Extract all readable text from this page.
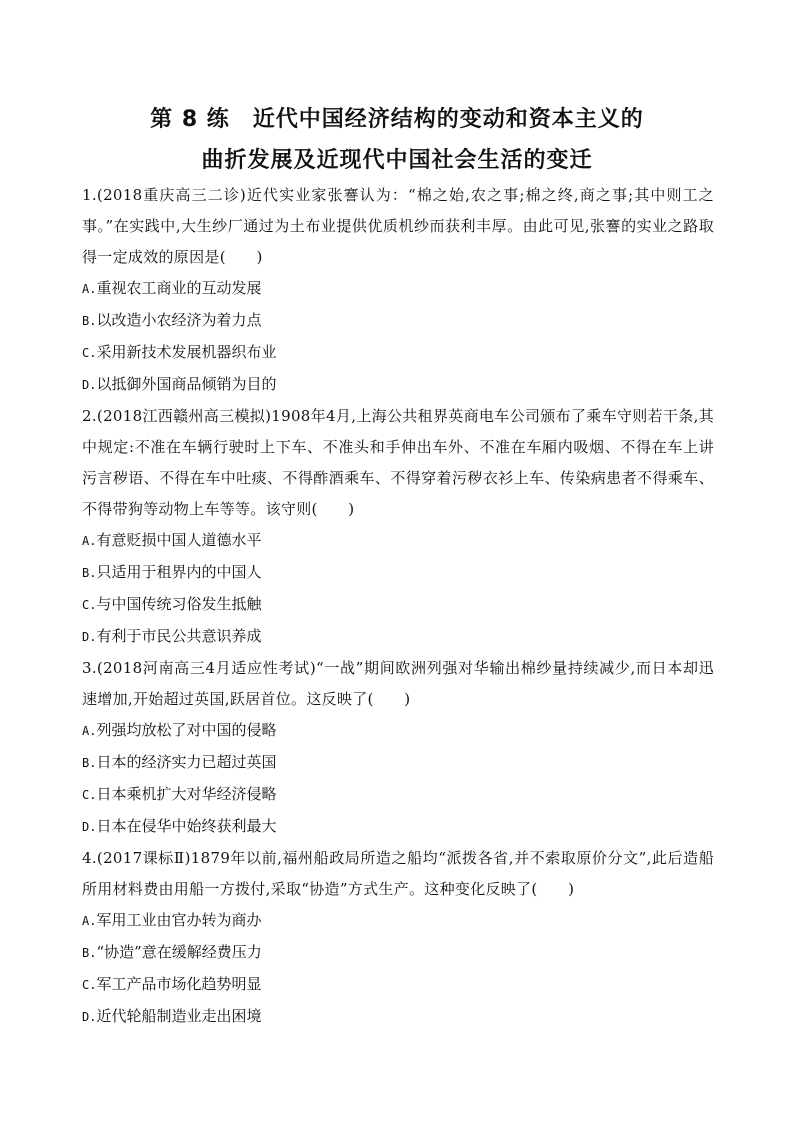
第 8 练　近代中国经济结构的变动和资本主义的
曲折发展及近现代中国社会生活的变迁

1.(2018重庆高三二诊)近代实业家张謇认为：“棉之始,农之事;棉之终,商之事;其中则工之事。”在实践中,大生纱厂通过为土布业提供优质机纱而获利丰厚。由此可见,张謇的实业之路取得一定成效的原因是(　　)

A.重视农工商业的互动发展

B.以改造小农经济为着力点

C.采用新技术发展机器织布业

D.以抵御外国商品倾销为目的

2.(2018江西赣州高三模拟)1908年4月,上海公共租界英商电车公司颁布了乘车守则若干条,其中规定:不准在车辆行驶时上下车、不准头和手伸出车外、不准在车厢内吸烟、不得在车上讲污言秽语、不得在车中吐痰、不得酢酒乘车、不得穿着污秽衣衫上车、传染病患者不得乘车、不得带狗等动物上车等等。该守则(　　)

A.有意贬损中国人道德水平

B.只适用于租界内的中国人

C.与中国传统习俗发生抵触

D.有利于市民公共意识养成

3.(2018河南高三4月适应性考试)“一战”期间欧洲列强对华输出棉纱量持续减少,而日本却迅速增加,开始超过英国,跃居首位。这反映了(　　)

A.列强均放松了对中国的侵略

B.日本的经济实力已超过英国

C.日本乘机扩大对华经济侵略

D.日本在侵华中始终获利最大

4.(2017课标Ⅱ)1879年以前,福州船政局所造之船均“派拨各省,并不索取原价分文”,此后造船所用材料费由用船一方拨付,采取“协造”方式生产。这种变化反映了(　　)

A.军用工业由官办转为商办

B.“协造”意在缓解经费压力

C.军工产品市场化趋势明显

D.近代轮船制造业走出困境
